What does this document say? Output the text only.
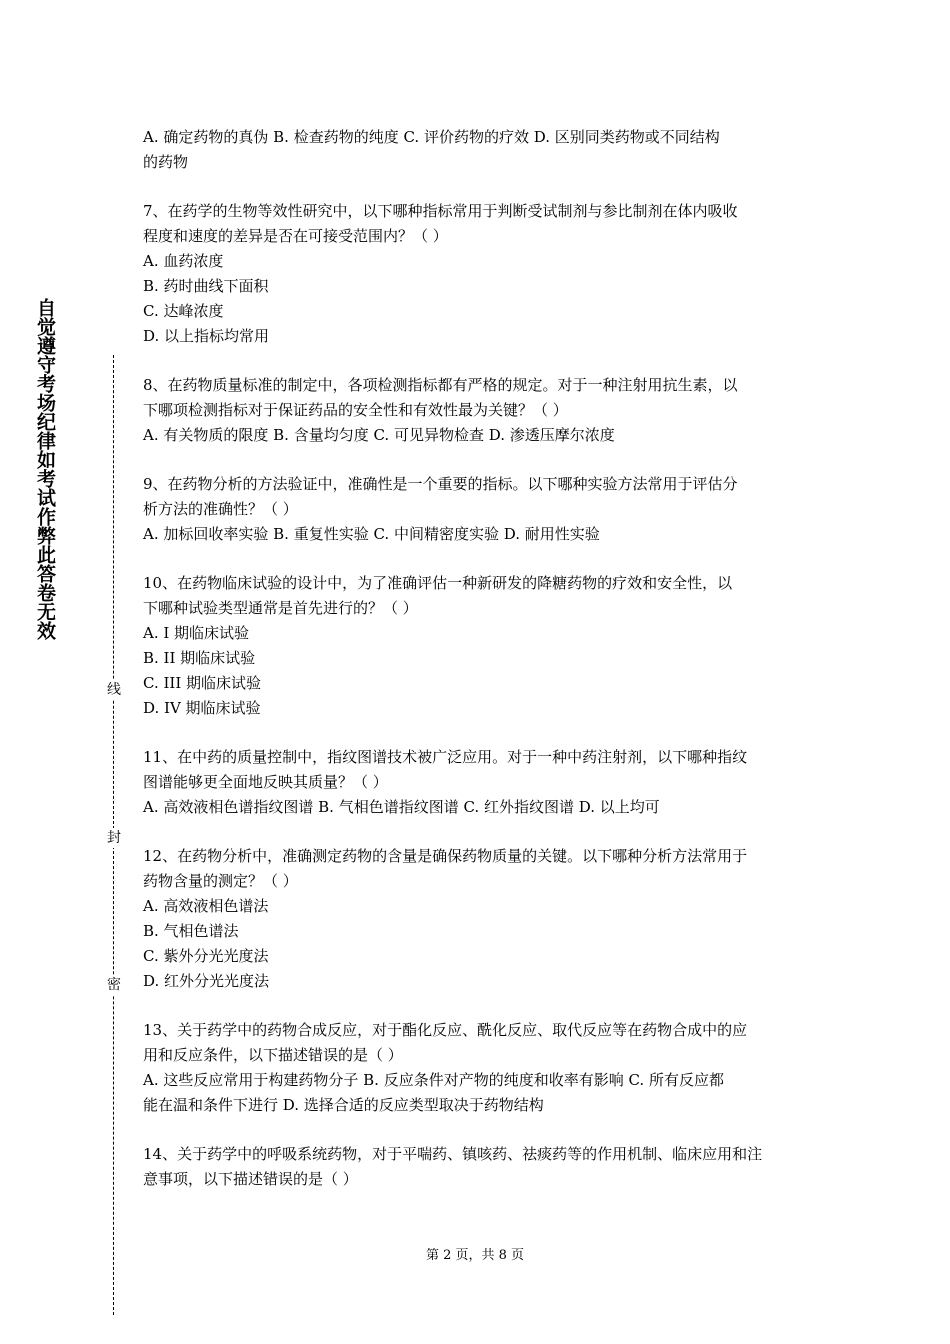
自觉遵守考场纪律如考试作弊此答卷无效
线
封
密
A. 确定药物的真伪 B. 检查药物的纯度 C. 评价药物的疗效 D. 区别同类药物或不同结构
的药物
7、在药学的生物等效性研究中，以下哪种指标常用于判断受试制剂与参比制剂在体内吸收
程度和速度的差异是否在可接受范围内？（ ）
A. 血药浓度
B. 药时曲线下面积
C. 达峰浓度
D. 以上指标均常用
8、在药物质量标准的制定中，各项检测指标都有严格的规定。对于一种注射用抗生素，以
下哪项检测指标对于保证药品的安全性和有效性最为关键？（ ）
A. 有关物质的限度 B. 含量均匀度 C. 可见异物检查 D. 渗透压摩尔浓度
9、在药物分析的方法验证中，准确性是一个重要的指标。以下哪种实验方法常用于评估分
析方法的准确性？（ ）
A. 加标回收率实验 B. 重复性实验 C. 中间精密度实验 D. 耐用性实验
10、在药物临床试验的设计中，为了准确评估一种新研发的降糖药物的疗效和安全性，以
下哪种试验类型通常是首先进行的？（ ）
A. I 期临床试验
B. II 期临床试验
C. III 期临床试验
D. IV 期临床试验
11、在中药的质量控制中，指纹图谱技术被广泛应用。对于一种中药注射剂，以下哪种指纹
图谱能够更全面地反映其质量？（ ）
A. 高效液相色谱指纹图谱 B. 气相色谱指纹图谱 C. 红外指纹图谱 D. 以上均可
12、在药物分析中，准确测定药物的含量是确保药物质量的关键。以下哪种分析方法常用于
药物含量的测定？（ ）
A. 高效液相色谱法
B. 气相色谱法
C. 紫外分光光度法
D. 红外分光光度法
13、关于药学中的药物合成反应，对于酯化反应、酰化反应、取代反应等在药物合成中的应
用和反应条件，以下描述错误的是（ ）
A. 这些反应常用于构建药物分子 B. 反应条件对产物的纯度和收率有影响 C. 所有反应都
能在温和条件下进行 D. 选择合适的反应类型取决于药物结构
14、关于药学中的呼吸系统药物，对于平喘药、镇咳药、祛痰药等的作用机制、临床应用和注
意事项，以下描述错误的是（ ）
第 2 页，共 8 页
